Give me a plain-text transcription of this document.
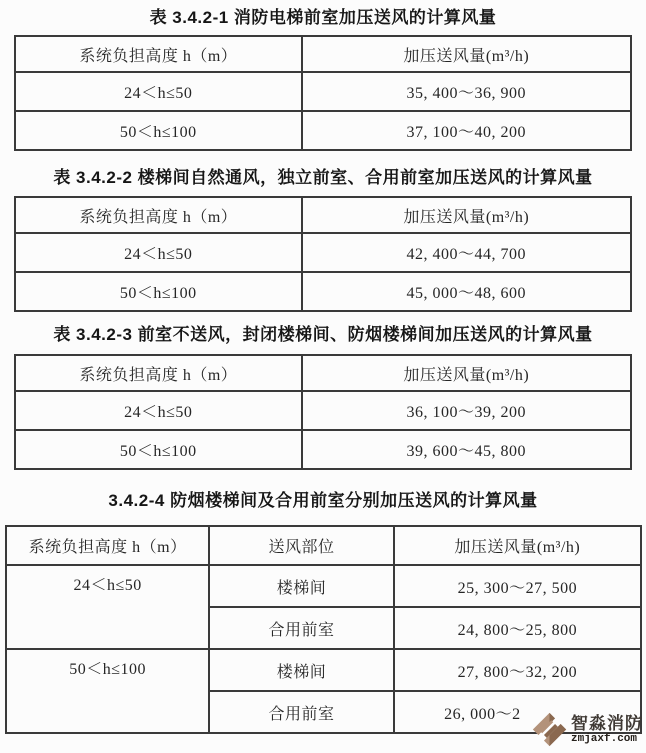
表 3.4.2-1 消防电梯前室加压送风的计算风量
系统负担高度 h（m）	加压送风量(m³/h)
24＜h≤50	35, 400～36, 900
50＜h≤100	37, 100～40, 200
表 3.4.2-2 楼梯间自然通风，独立前室、合用前室加压送风的计算风量
系统负担高度 h（m）	加压送风量(m³/h)
24＜h≤50	42, 400～44, 700
50＜h≤100	45, 000～48, 600
表 3.4.2-3 前室不送风，封闭楼梯间、防烟楼梯间加压送风的计算风量
系统负担高度 h（m）	加压送风量(m³/h)
24＜h≤50	36, 100～39, 200
50＜h≤100	39, 600～45, 800
3.4.2-4 防烟楼梯间及合用前室分别加压送风的计算风量
系统负担高度 h（m）	送风部位	加压送风量(m³/h)
24＜h≤50	楼梯间	25, 300～27, 500
	合用前室	24, 800～25, 800
50＜h≤100	楼梯间	27, 800～32, 200
	合用前室	26, 000～2	智淼消防
zmjaxf.com
